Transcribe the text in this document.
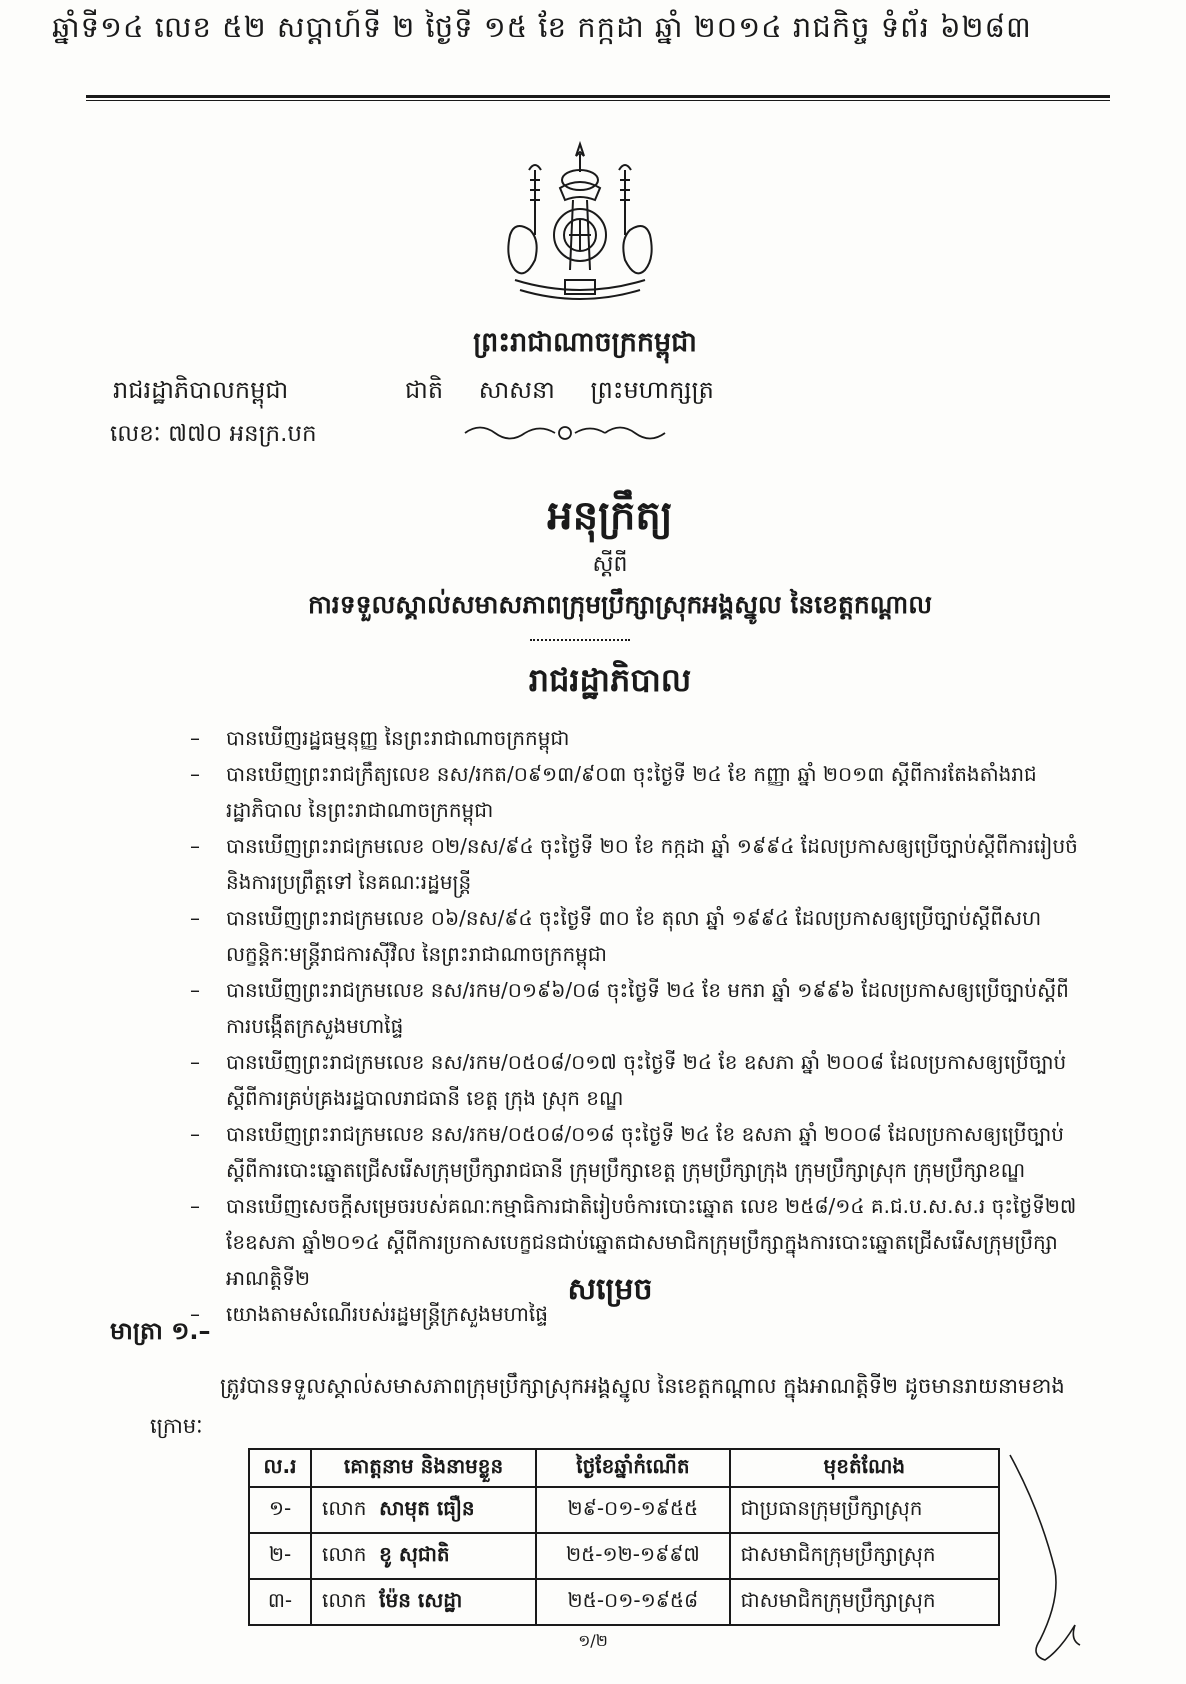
ឆ្នាំទី១៤ លេខ ៥២ សប្តាហ៍ទី ២ ថ្ងៃទី ១៥ ខែ កក្កដា ឆ្នាំ ២០១៤ រាជកិច្ច ទំព័រ ៦២៨៣
ព្រះរាជាណាចក្រកម្ពុជា
រាជរដ្ឋាភិបាលកម្ពុជា	ជាតិ សាសនា ព្រះមហាក្សត្រ
លេខៈ ៧៧០ អនក្រ.បក
អនុក្រឹត្យ
ស្តីពី
ការទទួលស្គាល់សមាសភាពក្រុមប្រឹក្សាស្រុកអង្គស្នូល នៃខេត្តកណ្តាល
រាជរដ្ឋាភិបាល
– បានឃើញរដ្ឋធម្មនុញ្ញ នៃព្រះរាជាណាចក្រកម្ពុជា
– បានឃើញព្រះរាជក្រឹត្យលេខ នស/រកត/០៩១៣/៩០៣ ចុះថ្ងៃទី ២៤ ខែ កញ្ញា ឆ្នាំ ២០១៣ ស្តីពីការតែងតាំងរាជរដ្ឋាភិបាល នៃព្រះរាជាណាចក្រកម្ពុជា
– បានឃើញព្រះរាជក្រមលេខ ០២/នស/៩៤ ចុះថ្ងៃទី ២០ ខែ កក្កដា ឆ្នាំ ១៩៩៤ ដែលប្រកាសឲ្យប្រើច្បាប់ស្តីពីការរៀបចំ និងការប្រព្រឹត្តទៅ នៃគណៈរដ្ឋមន្ត្រី
– បានឃើញព្រះរាជក្រមលេខ ០៦/នស/៩៤ ចុះថ្ងៃទី ៣០ ខែ តុលា ឆ្នាំ ១៩៩៤ ដែលប្រកាសឲ្យប្រើច្បាប់ស្តីពីសហលក្ខន្តិកៈមន្ត្រីរាជការស៊ីវិល នៃព្រះរាជាណាចក្រកម្ពុជា
– បានឃើញព្រះរាជក្រមលេខ នស/រកម/០១៩៦/០៨ ចុះថ្ងៃទី ២៤ ខែ មករា ឆ្នាំ ១៩៩៦ ដែលប្រកាសឲ្យប្រើច្បាប់ស្តីពីការបង្កើតក្រសួងមហាផ្ទៃ
– បានឃើញព្រះរាជក្រមលេខ នស/រកម/០៥០៨/០១៧ ចុះថ្ងៃទី ២៤ ខែ ឧសភា ឆ្នាំ ២០០៨ ដែលប្រកាសឲ្យប្រើច្បាប់ស្តីពីការគ្រប់គ្រងរដ្ឋបាលរាជធានី ខេត្ត ក្រុង ស្រុក ខណ្ឌ
– បានឃើញព្រះរាជក្រមលេខ នស/រកម/០៥០៨/០១៨ ចុះថ្ងៃទី ២៤ ខែ ឧសភា ឆ្នាំ ២០០៨ ដែលប្រកាសឲ្យប្រើច្បាប់ស្តីពីការបោះឆ្នោតជ្រើសរើសក្រុមប្រឹក្សារាជធានី ក្រុមប្រឹក្សាខេត្ត ក្រុមប្រឹក្សាក្រុង ក្រុមប្រឹក្សាស្រុក ក្រុមប្រឹក្សាខណ្ឌ
– បានឃើញសេចក្តីសម្រេចរបស់គណៈកម្មាធិការជាតិរៀបចំការបោះឆ្នោត លេខ ២៥៨/១៤ គ.ជ.ប.ស.ស.រ ចុះថ្ងៃទី២៧ ខែឧសភា ឆ្នាំ២០១៤ ស្តីពីការប្រកាសបេក្ខជនជាប់ឆ្នោតជាសមាជិកក្រុមប្រឹក្សាក្នុងការបោះឆ្នោតជ្រើសរើសក្រុមប្រឹក្សាអាណត្តិទី២
– យោងតាមសំណើរបស់រដ្ឋមន្ត្រីក្រសួងមហាផ្ទៃ
សម្រេច
មាត្រា ១.–
ត្រូវបានទទួលស្គាល់សមាសភាពក្រុមប្រឹក្សាស្រុកអង្គស្នូល នៃខេត្តកណ្តាល ក្នុងអាណត្តិទី២ ដូចមានរាយនាមខាងក្រោមៈ
ល.រ	គោត្តនាម និងនាមខ្លួន	ថ្ងៃខែឆ្នាំកំណើត	មុខតំណែង
១-	លោក សាមុត ធឿន	២៩-០១-១៩៥៥	ជាប្រធានក្រុមប្រឹក្សាស្រុក
២-	លោក ខូ សុជាតិ	២៥-១២-១៩៩៧	ជាសមាជិកក្រុមប្រឹក្សាស្រុក
៣-	លោក ម៉ែន សេដ្ឋា	២៥-០១-១៩៥៨	ជាសមាជិកក្រុមប្រឹក្សាស្រុក
១/២
